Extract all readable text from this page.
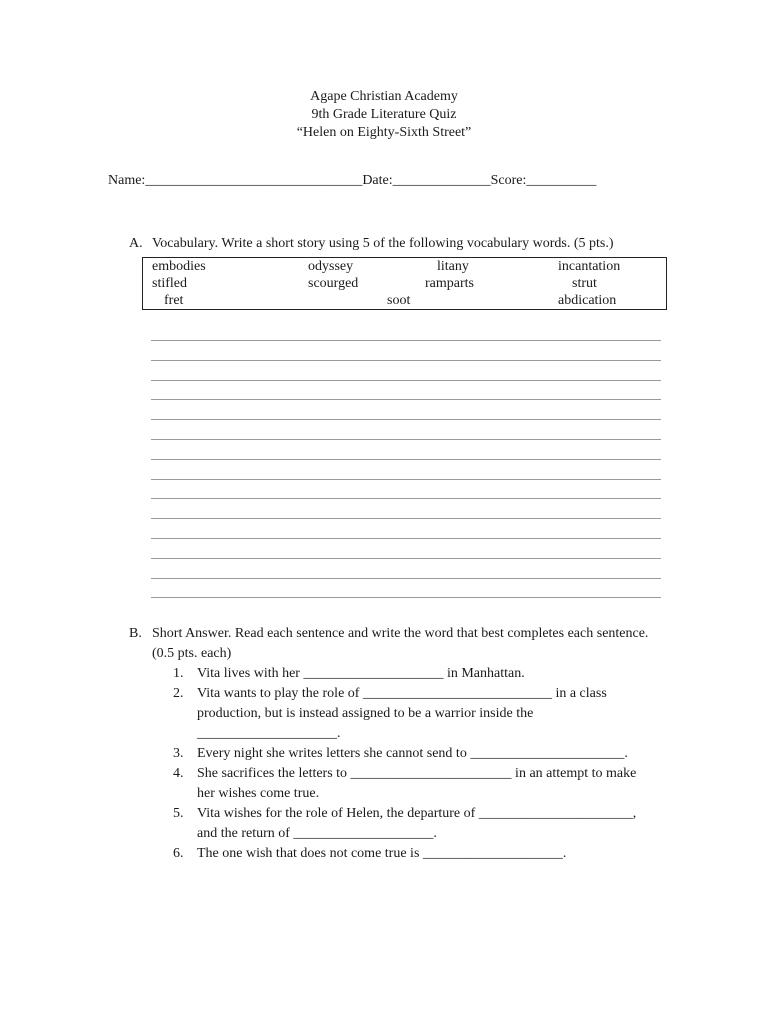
Agape Christian Academy
9th Grade Literature Quiz
“Helen on Eighty-Sixth Street”
Name:_______________________________Date:______________Score:__________
A. Vocabulary. Write a short story using 5 of the following vocabulary words. (5 pts.)
embodies	odyssey	litany	incantation
stifled	scourged	ramparts	strut
fret	soot	abdication
B. Short Answer. Read each sentence and write the word that best completes each sentence. (0.5 pts. each)
1. Vita lives with her ____________________ in Manhattan.
2. Vita wants to play the role of ___________________________ in a class production, but is instead assigned to be a warrior inside the ____________________.
3. Every night she writes letters she cannot send to ______________________.
4. She sacrifices the letters to _______________________ in an attempt to make her wishes come true.
5. Vita wishes for the role of Helen, the departure of ______________________, and the return of ____________________.
6. The one wish that does not come true is ____________________.
